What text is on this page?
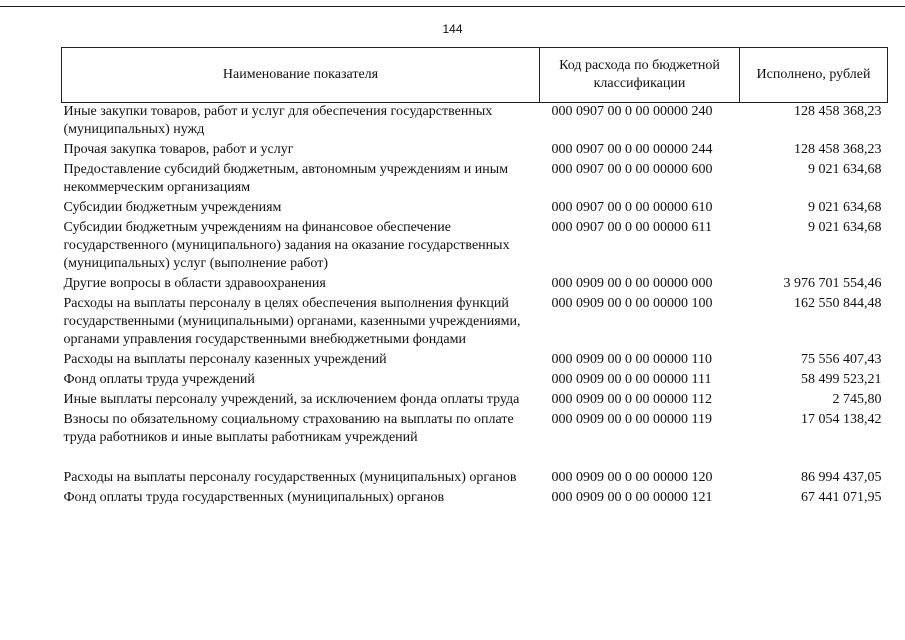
144
Наименование показателя	Код расхода по бюджетной классификации	Исполнено, рублей
Иные закупки товаров, работ и услуг для обеспечения государственных (муниципальных) нужд	000 0907 00 0 00 00000 240	128 458 368,23
Прочая закупка товаров, работ и услуг	000 0907 00 0 00 00000 244	128 458 368,23
Предоставление субсидий бюджетным, автономным учреждениям и иным некоммерческим организациям	000 0907 00 0 00 00000 600	9 021 634,68
Субсидии бюджетным учреждениям	000 0907 00 0 00 00000 610	9 021 634,68
Субсидии бюджетным учреждениям на финансовое обеспечение государственного (муниципального) задания на оказание государственных (муниципальных) услуг (выполнение работ)	000 0907 00 0 00 00000 611	9 021 634,68
Другие вопросы в области здравоохранения	000 0909 00 0 00 00000 000	3 976 701 554,46
Расходы на выплаты персоналу в целях обеспечения выполнения функций государственными (муниципальными) органами, казенными учреждениями, органами управления государственными внебюджетными фондами	000 0909 00 0 00 00000 100	162 550 844,48
Расходы на выплаты персоналу казенных учреждений	000 0909 00 0 00 00000 110	75 556 407,43
Фонд оплаты труда учреждений	000 0909 00 0 00 00000 111	58 499 523,21
Иные выплаты персоналу учреждений, за исключением фонда оплаты труда	000 0909 00 0 00 00000 112	2 745,80
Взносы по обязательному социальному страхованию на выплаты по оплате труда работников и иные выплаты работникам учреждений	000 0909 00 0 00 00000 119	17 054 138,42
Расходы на выплаты персоналу государственных (муниципальных) органов	000 0909 00 0 00 00000 120	86 994 437,05
Фонд оплаты труда государственных (муниципальных) органов	000 0909 00 0 00 00000 121	67 441 071,95
